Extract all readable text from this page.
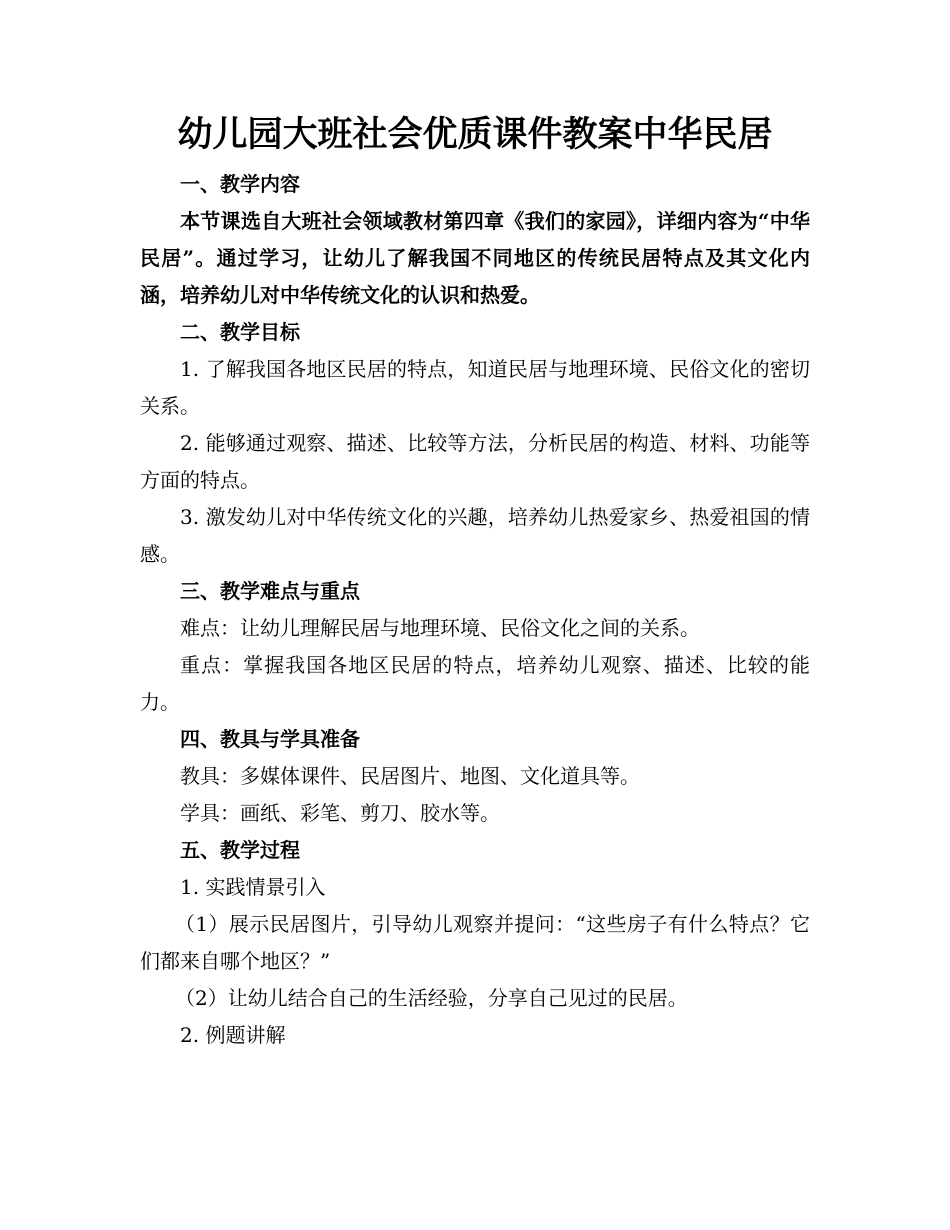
幼儿园大班社会优质课件教案中华民居

一、教学内容

本节课选自大班社会领域教材第四章《我们的家园》，详细内容为“中华民居”。通过学习，让幼儿了解我国不同地区的传统民居特点及其文化内涵，培养幼儿对中华传统文化的认识和热爱。

二、教学目标

1. 了解我国各地区民居的特点，知道民居与地理环境、民俗文化的密切关系。

2. 能够通过观察、描述、比较等方法，分析民居的构造、材料、功能等方面的特点。

3. 激发幼儿对中华传统文化的兴趣，培养幼儿热爱家乡、热爱祖国的情感。

三、教学难点与重点

难点：让幼儿理解民居与地理环境、民俗文化之间的关系。

重点：掌握我国各地区民居的特点，培养幼儿观察、描述、比较的能力。

四、教具与学具准备

教具：多媒体课件、民居图片、地图、文化道具等。

学具：画纸、彩笔、剪刀、胶水等。

五、教学过程

1. 实践情景引入

（1）展示民居图片，引导幼儿观察并提问：“这些房子有什么特点？它们都来自哪个地区？”

（2）让幼儿结合自己的生活经验，分享自己见过的民居。

2. 例题讲解
